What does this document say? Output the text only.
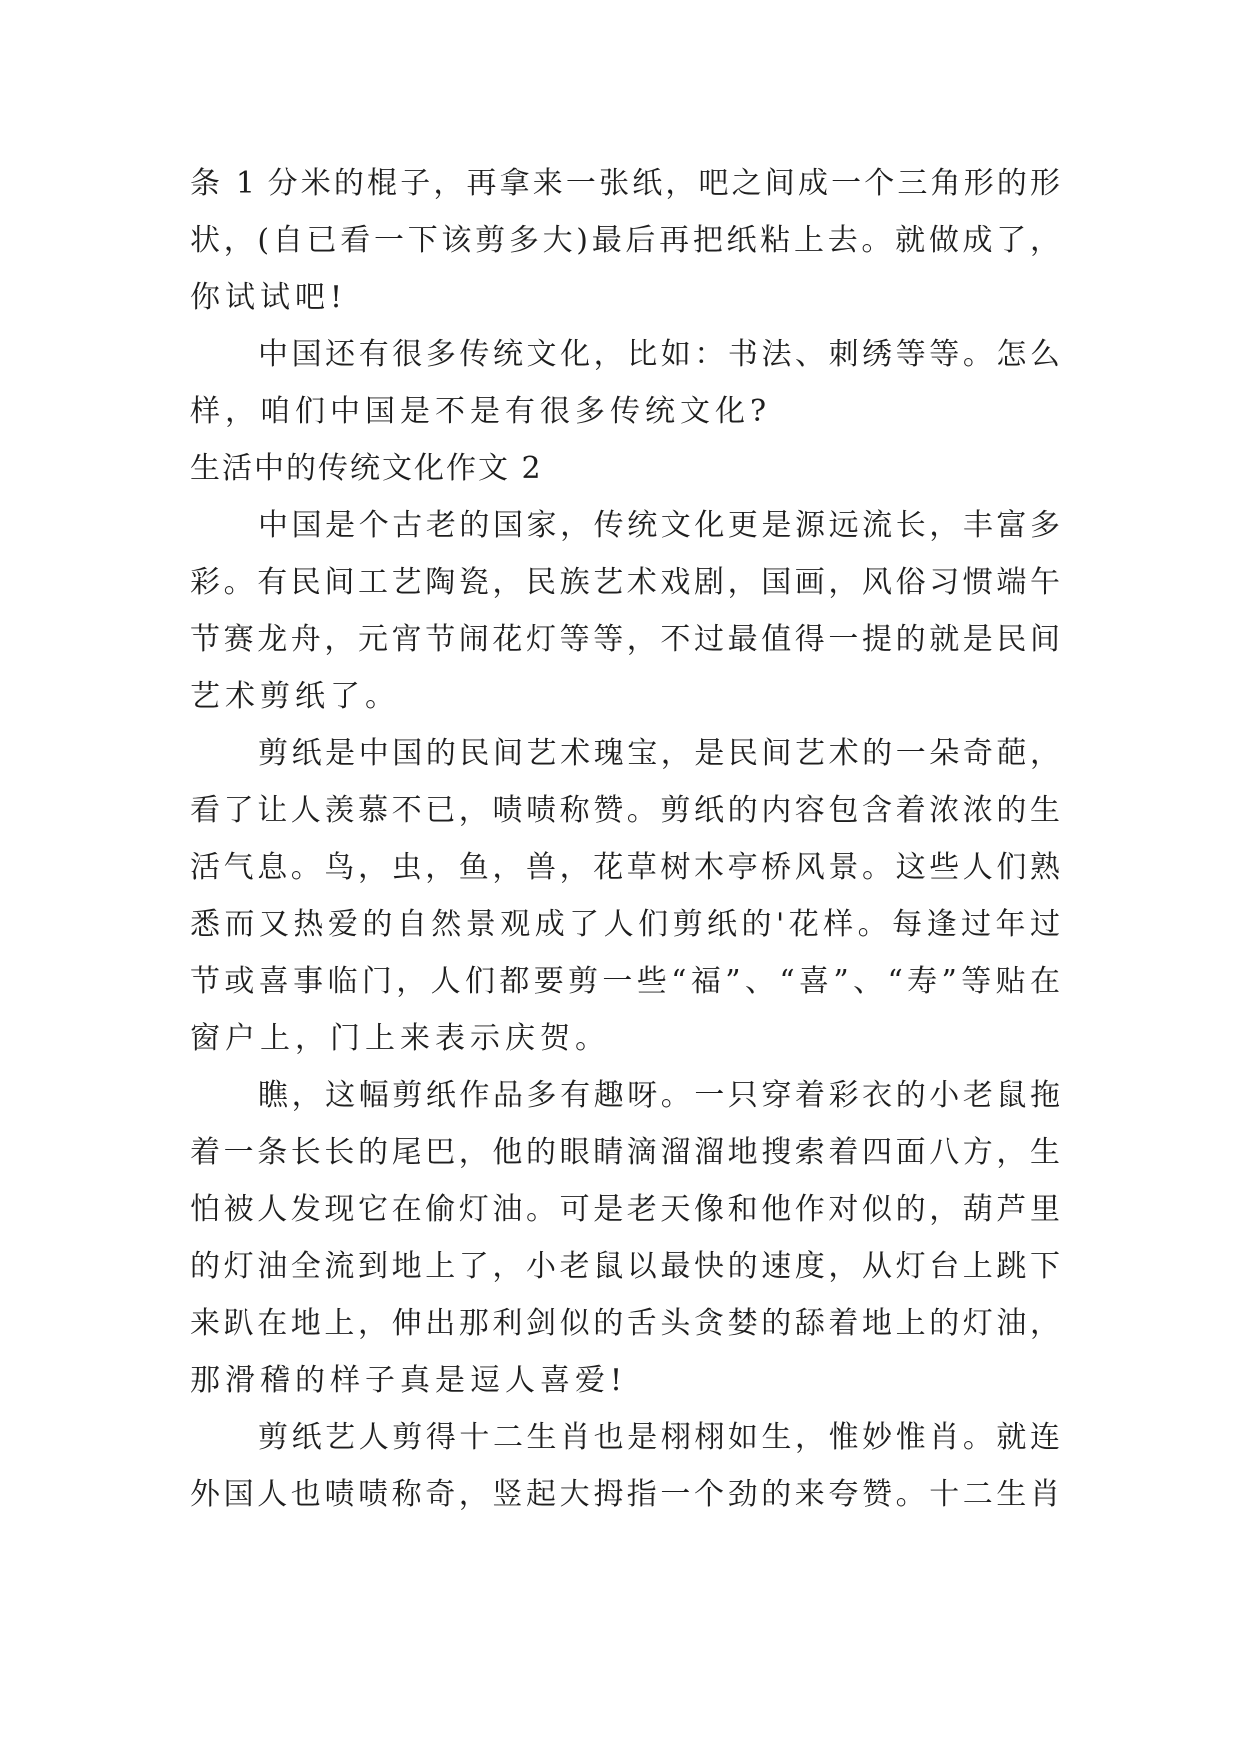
条 1 分米的棍子，再拿来一张纸，吧之间成一个三角形的形
状，(自已看一下该剪多大)最后再把纸粘上去。就做成了，
你试试吧!
中国还有很多传统文化，比如：书法、刺绣等等。怎么
样，咱们中国是不是有很多传统文化?
生活中的传统文化作文 2
中国是个古老的国家，传统文化更是源远流长，丰富多
彩。有民间工艺陶瓷，民族艺术戏剧，国画，风俗习惯端午
节赛龙舟，元宵节闹花灯等等，不过最值得一提的就是民间
艺术剪纸了。
剪纸是中国的民间艺术瑰宝，是民间艺术的一朵奇葩，
看了让人羡慕不已，啧啧称赞。剪纸的内容包含着浓浓的生
活气息。鸟，虫，鱼，兽，花草树木亭桥风景。这些人们熟
悉而又热爱的自然景观成了人们剪纸的'花样。每逢过年过
节或喜事临门，人们都要剪一些“福”、“喜”、“寿”等贴在
窗户上，门上来表示庆贺。
瞧，这幅剪纸作品多有趣呀。一只穿着彩衣的小老鼠拖
着一条长长的尾巴，他的眼睛滴溜溜地搜索着四面八方，生
怕被人发现它在偷灯油。可是老天像和他作对似的，葫芦里
的灯油全流到地上了，小老鼠以最快的速度，从灯台上跳下
来趴在地上，伸出那利剑似的舌头贪婪的舔着地上的灯油，
那滑稽的样子真是逗人喜爱!
剪纸艺人剪得十二生肖也是栩栩如生，惟妙惟肖。就连
外国人也啧啧称奇，竖起大拇指一个劲的来夸赞。十二生肖
